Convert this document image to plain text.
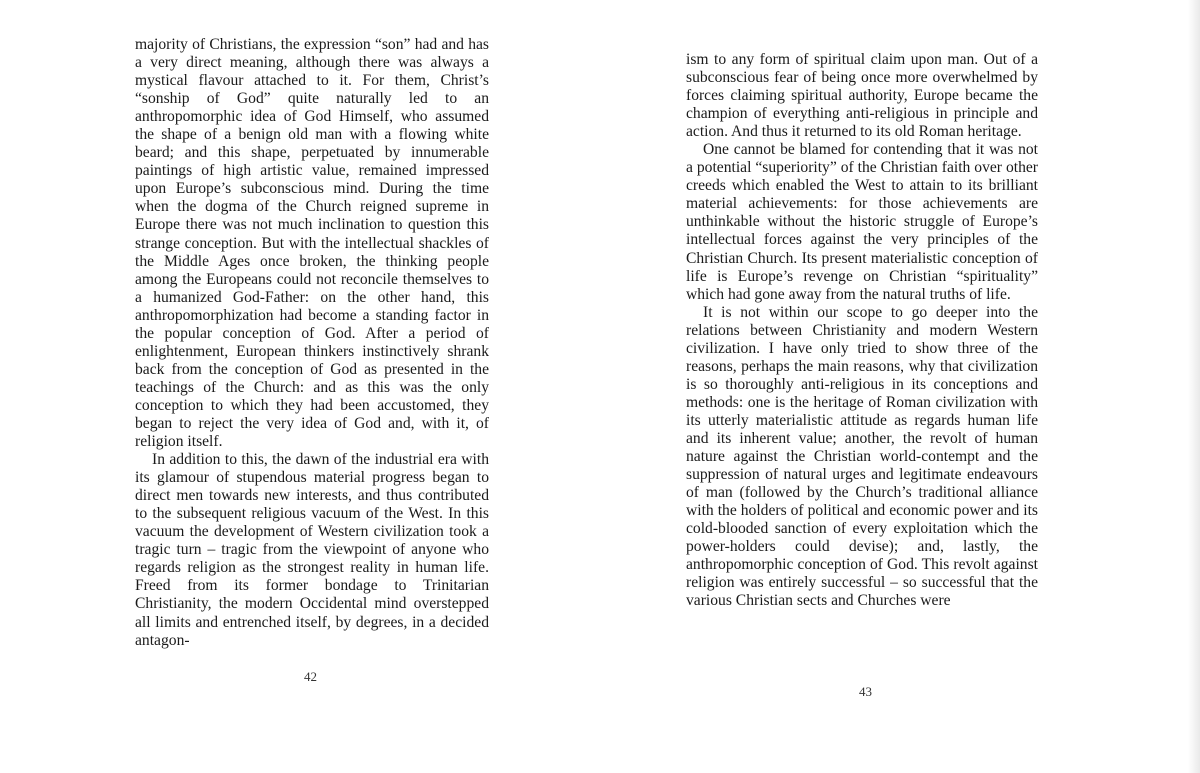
majority of Christians, the expression “son” had and has a very direct meaning, although there was always a mystical flavour attached to it. For them, Christ’s “sonship of God” quite naturally led to an anthropomorphic idea of God Himself, who assumed the shape of a benign old man with a flowing white beard; and this shape, perpetuated by innumerable paintings of high artistic value, remained impressed upon Europe’s subconscious mind. During the time when the dogma of the Church reigned supreme in Europe there was not much inclination to question this strange conception. But with the intellectual shackles of the Middle Ages once broken, the thinking people among the Europeans could not reconcile themselves to a humanized God-Father: on the other hand, this anthropomorphization had become a standing factor in the popular conception of God. After a period of enlightenment, European thinkers instinctively shrank back from the conception of God as presented in the teachings of the Church: and as this was the only conception to which they had been accustomed, they began to reject the very idea of God and, with it, of religion itself.

In addition to this, the dawn of the industrial era with its glamour of stupendous material progress began to direct men towards new interests, and thus contributed to the subsequent religious vacuum of the West. In this vacuum the development of Western civilization took a tragic turn – tragic from the viewpoint of anyone who regards religion as the strongest reality in human life. Freed from its former bondage to Trinitarian Christianity, the modern Occidental mind overstepped all limits and entrenched itself, by degrees, in a decided antagon-

42

ism to any form of spiritual claim upon man. Out of a subconscious fear of being once more overwhelmed by forces claiming spiritual authority, Europe became the champion of everything anti-religious in principle and action. And thus it returned to its old Roman heritage.

One cannot be blamed for contending that it was not a potential “superiority” of the Christian faith over other creeds which enabled the West to attain to its brilliant material achievements: for those achievements are unthinkable without the historic struggle of Europe’s intellectual forces against the very principles of the Christian Church. Its present materialistic conception of life is Europe’s revenge on Christian “spirituality” which had gone away from the natural truths of life.

It is not within our scope to go deeper into the relations between Christianity and modern Western civilization. I have only tried to show three of the reasons, perhaps the main reasons, why that civilization is so thoroughly anti-religious in its conceptions and methods: one is the heritage of Roman civilization with its utterly materialistic attitude as regards human life and its inherent value; another, the revolt of human nature against the Christian world-contempt and the suppression of natural urges and legitimate endeavours of man (followed by the Church’s traditional alliance with the holders of political and economic power and its cold-blooded sanction of every exploitation which the power-holders could devise); and, lastly, the anthropomorphic conception of God. This revolt against religion was entirely successful – so successful that the various Christian sects and Churches were

43
